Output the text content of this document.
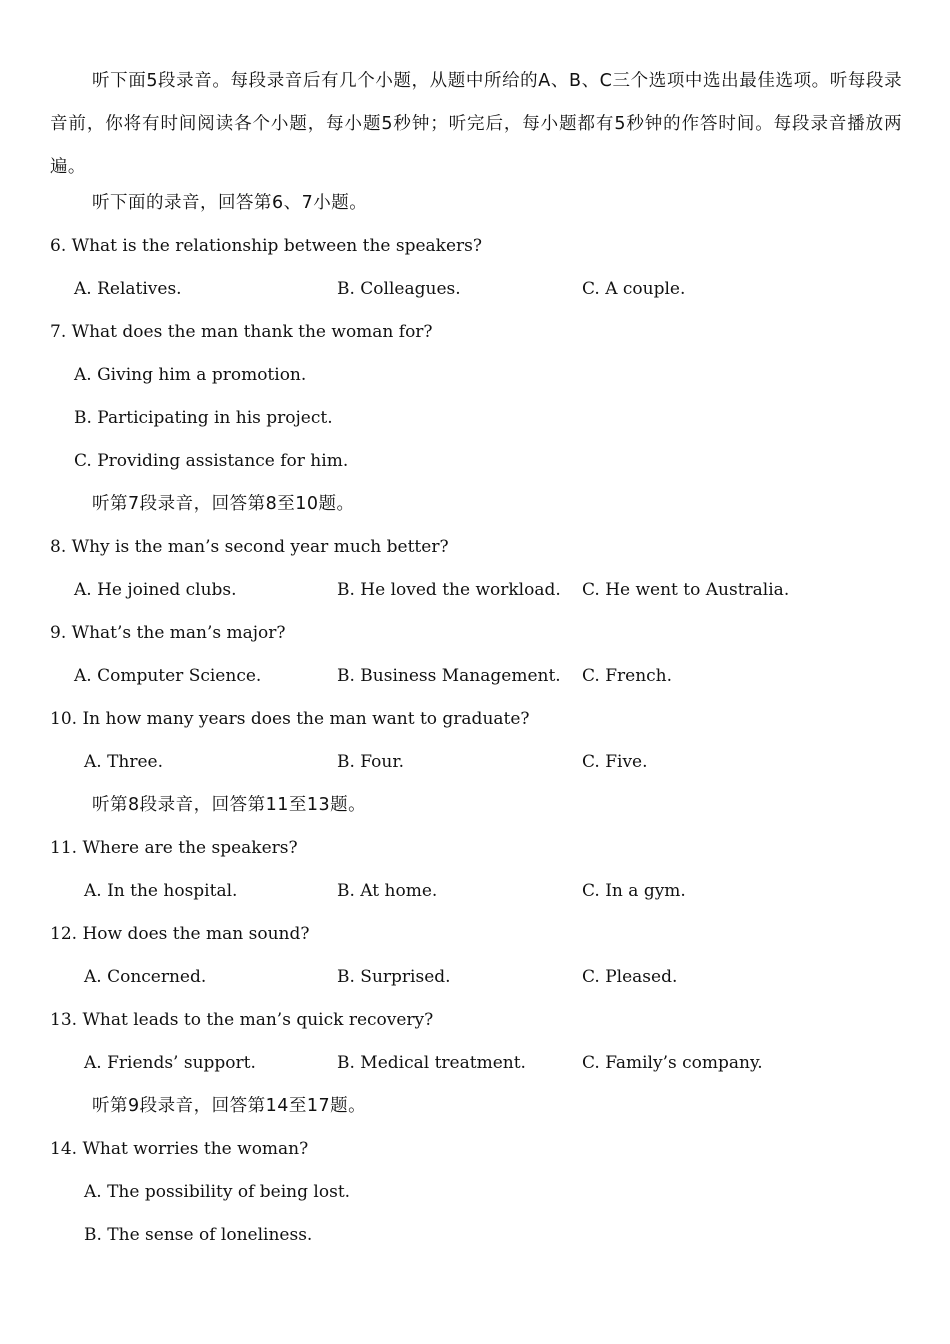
听下面5段录音。每段录音后有几个小题，从题中所给的A、B、C三个选项中选出最佳选项。听每段录音前，你将有时间阅读各个小题，每小题5秒钟；听完后，每小题都有5秒钟的作答时间。每段录音播放两遍。
听下面的录音，回答第6、7小题。
6. What is the relationship between the speakers?
A. Relatives.	B. Colleagues.	C. A couple.
7. What does the man thank the woman for?
A. Giving him a promotion.
B. Participating in his project.
C. Providing assistance for him.
听第7段录音，回答第8至10题。
8. Why is the man’s second year much better?
A. He joined clubs.	B. He loved the workload. C. He went to Australia.
9. What’s the man’s major?
A. Computer Science.	B. Business Management. C. French.
10. In how many years does the man want to graduate?
A. Three.	B. Four.	C. Five.
听第8段录音，回答第11至13题。
11. Where are the speakers?
A. In the hospital.	B. At home.	C. In a gym.
12. How does the man sound?
A. Concerned.	B. Surprised.	C. Pleased.
13. What leads to the man’s quick recovery?
A. Friends’ support.	B. Medical treatment.	C. Family’s company.
听第9段录音，回答第14至17题。
14. What worries the woman?
A. The possibility of being lost.
B. The sense of loneliness.
